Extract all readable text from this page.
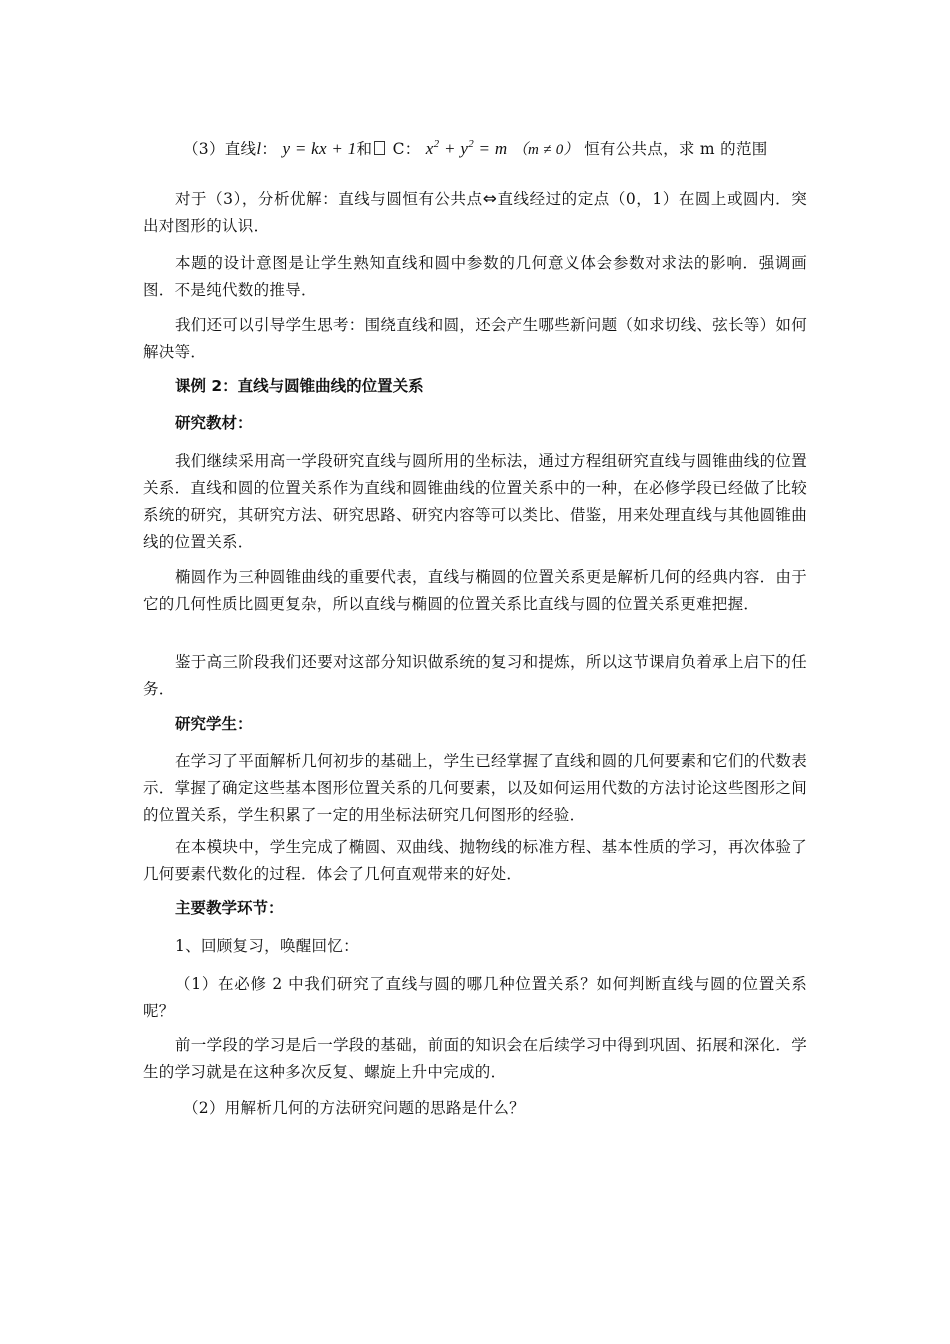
（3）直线l： y = kx + 1和 C： $x^2 + y^2 = m$ （m ≠ 0） 恒有公共点，求 m 的范围

对于（3），分析优解：直线与圆恒有公共点⇔直线经过的定点（0，1）在圆上或圆内．突出对图形的认识．

本题的设计意图是让学生熟知直线和圆中参数的几何意义体会参数对求法的影响．强调画图．不是纯代数的推导．

我们还可以引导学生思考：围绕直线和圆，还会产生哪些新问题（如求切线、弦长等）如何解决等．

课例 2：直线与圆锥曲线的位置关系

研究教材：

我们继续采用高一学段研究直线与圆所用的坐标法，通过方程组研究直线与圆锥曲线的位置关系．直线和圆的位置关系作为直线和圆锥曲线的位置关系中的一种，在必修学段已经做了比较系统的研究，其研究方法、研究思路、研究内容等可以类比、借鉴，用来处理直线与其他圆锥曲线的位置关系．

椭圆作为三种圆锥曲线的重要代表，直线与椭圆的位置关系更是解析几何的经典内容．由于它的几何性质比圆更复杂，所以直线与椭圆的位置关系比直线与圆的位置关系更难把握．

鉴于高三阶段我们还要对这部分知识做系统的复习和提炼，所以这节课肩负着承上启下的任务．

研究学生：

在学习了平面解析几何初步的基础上，学生已经掌握了直线和圆的几何要素和它们的代数表示．掌握了确定这些基本图形位置关系的几何要素，以及如何运用代数的方法讨论这些图形之间的位置关系，学生积累了一定的用坐标法研究几何图形的经验．

在本模块中，学生完成了椭圆、双曲线、抛物线的标准方程、基本性质的学习，再次体验了几何要素代数化的过程．体会了几何直观带来的好处．

主要教学环节：

1、回顾复习，唤醒回忆：

（1）在必修 2 中我们研究了直线与圆的哪几种位置关系？如何判断直线与圆的位置关系呢？

前一学段的学习是后一学段的基础，前面的知识会在后续学习中得到巩固、拓展和深化．学生的学习就是在这种多次反复、螺旋上升中完成的．

（2）用解析几何的方法研究问题的思路是什么？
